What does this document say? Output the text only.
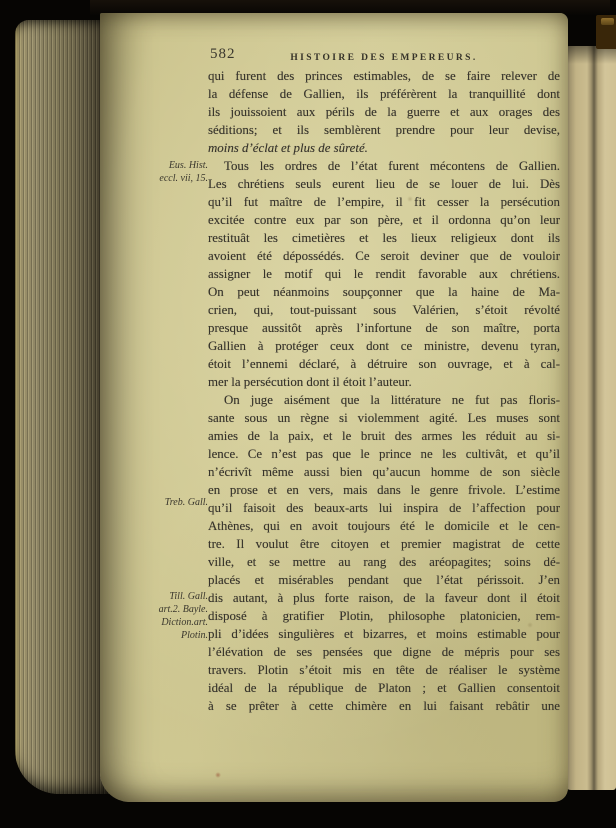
582	HISTOIRE DES EMPEREURS.
Eus. Hist.
eccl. vii, 15.
Treb. Gall.
Till. Gall.
art.2. Bayle.
Diction.art.
Plotin.
qui furent des princes estimables, de se faire relever de
la défense de Gallien, ils préférèrent la tranquillité dont
ils jouissoient aux périls de la guerre et aux orages des
séditions; et ils semblèrent prendre pour leur devise,
moins d’éclat et plus de sûreté.
Tous les ordres de l’état furent mécontens de Gallien.
Les chrétiens seuls eurent lieu de se louer de lui. Dès
qu’il fut maître de l’empire, il fit cesser la persécution
excitée contre eux par son père, et il ordonna qu’on leur
restituât les cimetières et les lieux religieux dont ils
avoient été dépossédés. Ce seroit deviner que de vouloir
assigner le motif qui le rendit favorable aux chrétiens.
On peut néanmoins soupçonner que la haine de Ma-
crien, qui, tout-puissant sous Valérien, s’étoit révolté
presque aussitôt après l’infortune de son maître, porta
Gallien à protéger ceux dont ce ministre, devenu tyran,
étoit l’ennemi déclaré, à détruire son ouvrage, et à cal-
mer la persécution dont il étoit l’auteur.
On juge aisément que la littérature ne fut pas floris-
sante sous un règne si violemment agité. Les muses sont
amies de la paix, et le bruit des armes les réduit au si-
lence. Ce n’est pas que le prince ne les cultivât, et qu’il
n’écrivît même aussi bien qu’aucun homme de son siècle
en prose et en vers, mais dans le genre frivole. L’estime
qu’il faisoit des beaux-arts lui inspira de l’affection pour
Athènes, qui en avoit toujours été le domicile et le cen-
tre. Il voulut être citoyen et premier magistrat de cette
ville, et se mettre au rang des aréopagites; soins dé-
placés et misérables pendant que l’état périssoit. J’en
dis autant, à plus forte raison, de la faveur dont il étoit
disposé à gratifier Plotin, philosophe platonicien, rem-
pli d’idées singulières et bizarres, et moins estimable pour
l’élévation de ses pensées que digne de mépris pour ses
travers. Plotin s’étoit mis en tête de réaliser le système
idéal de la république de Platon ; et Gallien consentoit
à se prêter à cette chimère en lui faisant rebâtir une
